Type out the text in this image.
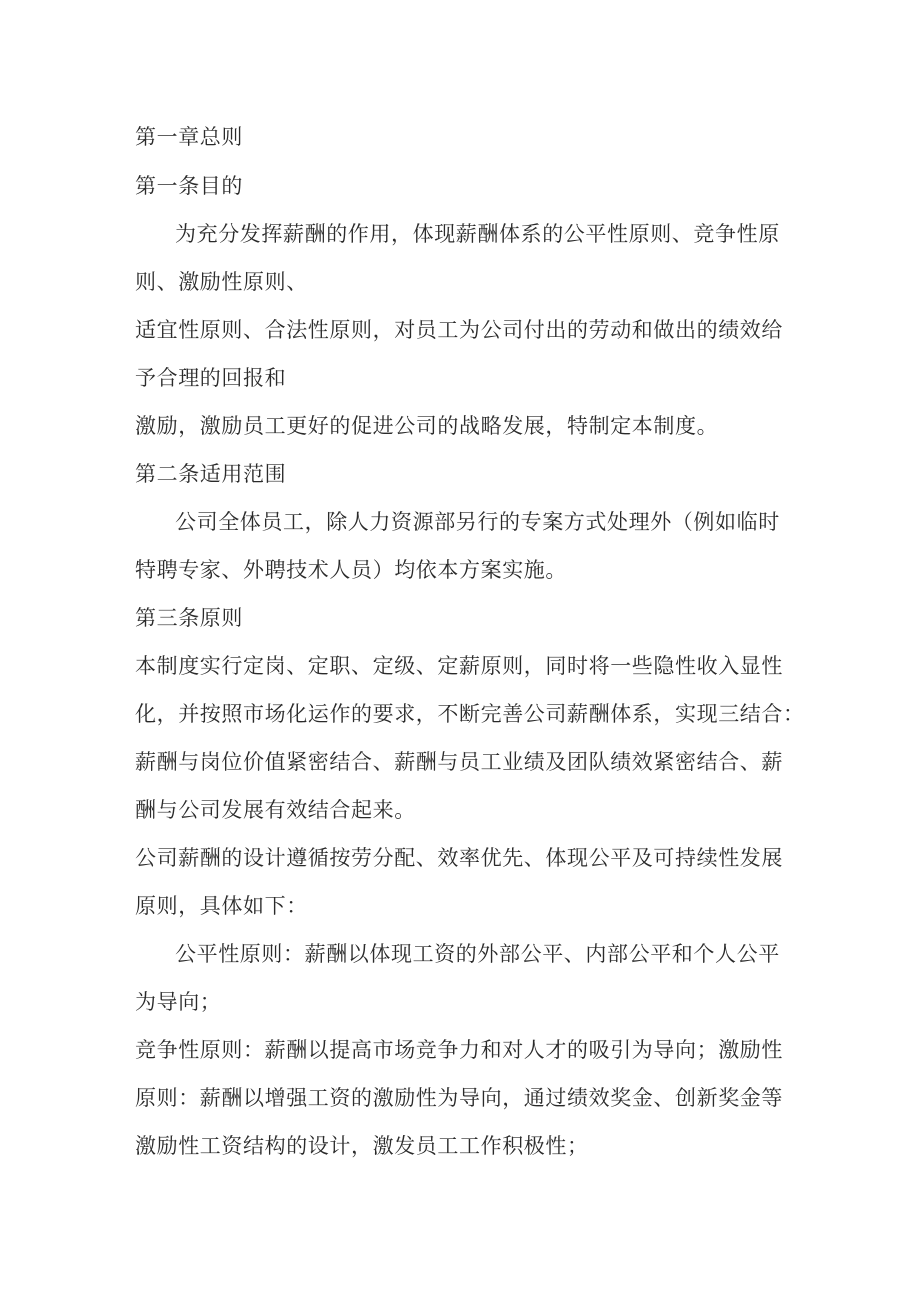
第一章总则
第一条目的
为充分发挥薪酬的作用，体现薪酬体系的公平性原则、竞争性原
则、激励性原则、
适宜性原则、合法性原则，对员工为公司付出的劳动和做出的绩效给
予合理的回报和
激励，激励员工更好的促进公司的战略发展，特制定本制度。
第二条适用范围
公司全体员工，除人力资源部另行的专案方式处理外（例如临时
特聘专家、外聘技术人员）均依本方案实施。
第三条原则
本制度实行定岗、定职、定级、定薪原则，同时将一些隐性收入显性
化，并按照市场化运作的要求，不断完善公司薪酬体系，实现三结合：
薪酬与岗位价值紧密结合、薪酬与员工业绩及团队绩效紧密结合、薪
酬与公司发展有效结合起来。
公司薪酬的设计遵循按劳分配、效率优先、体现公平及可持续性发展
原则，具体如下：
公平性原则：薪酬以体现工资的外部公平、内部公平和个人公平
为导向；
竞争性原则：薪酬以提高市场竞争力和对人才的吸引为导向；激励性
原则：薪酬以增强工资的激励性为导向，通过绩效奖金、创新奖金等
激励性工资结构的设计，激发员工工作积极性；
